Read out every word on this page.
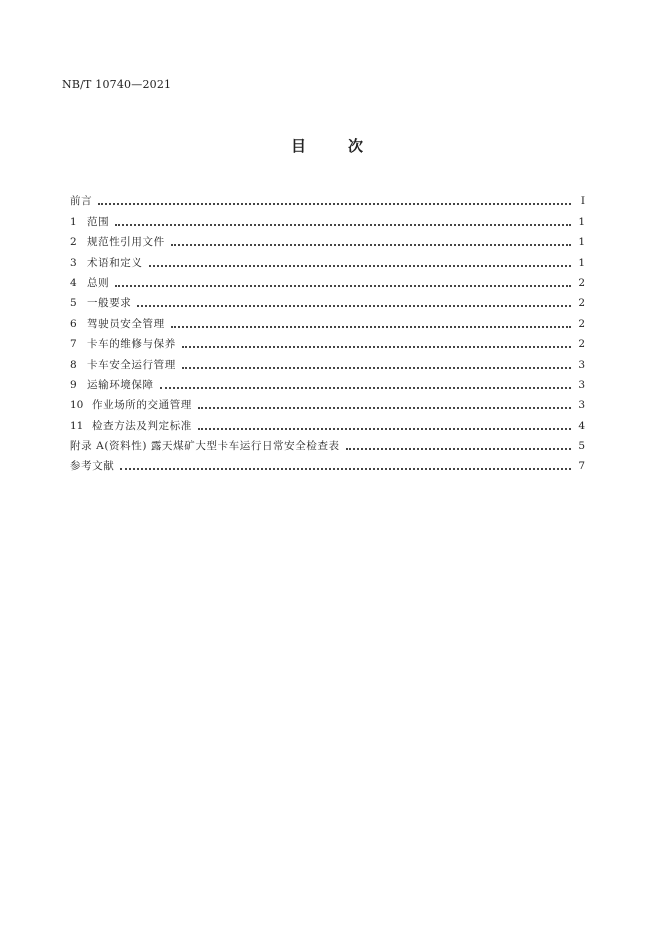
NB/T 10740—2021
目	次
前言	Ⅰ
1 范围	1
2 规范性引用文件	1
3 术语和定义	1
4 总则	2
5 一般要求	2
6 驾驶员安全管理	2
7 卡车的维修与保养	2
8 卡车安全运行管理	3
9 运输环境保障	3
10 作业场所的交通管理	3
11 检查方法及判定标准	4
附录 A(资料性) 露天煤矿大型卡车运行日常安全检查表	5
参考文献	7
